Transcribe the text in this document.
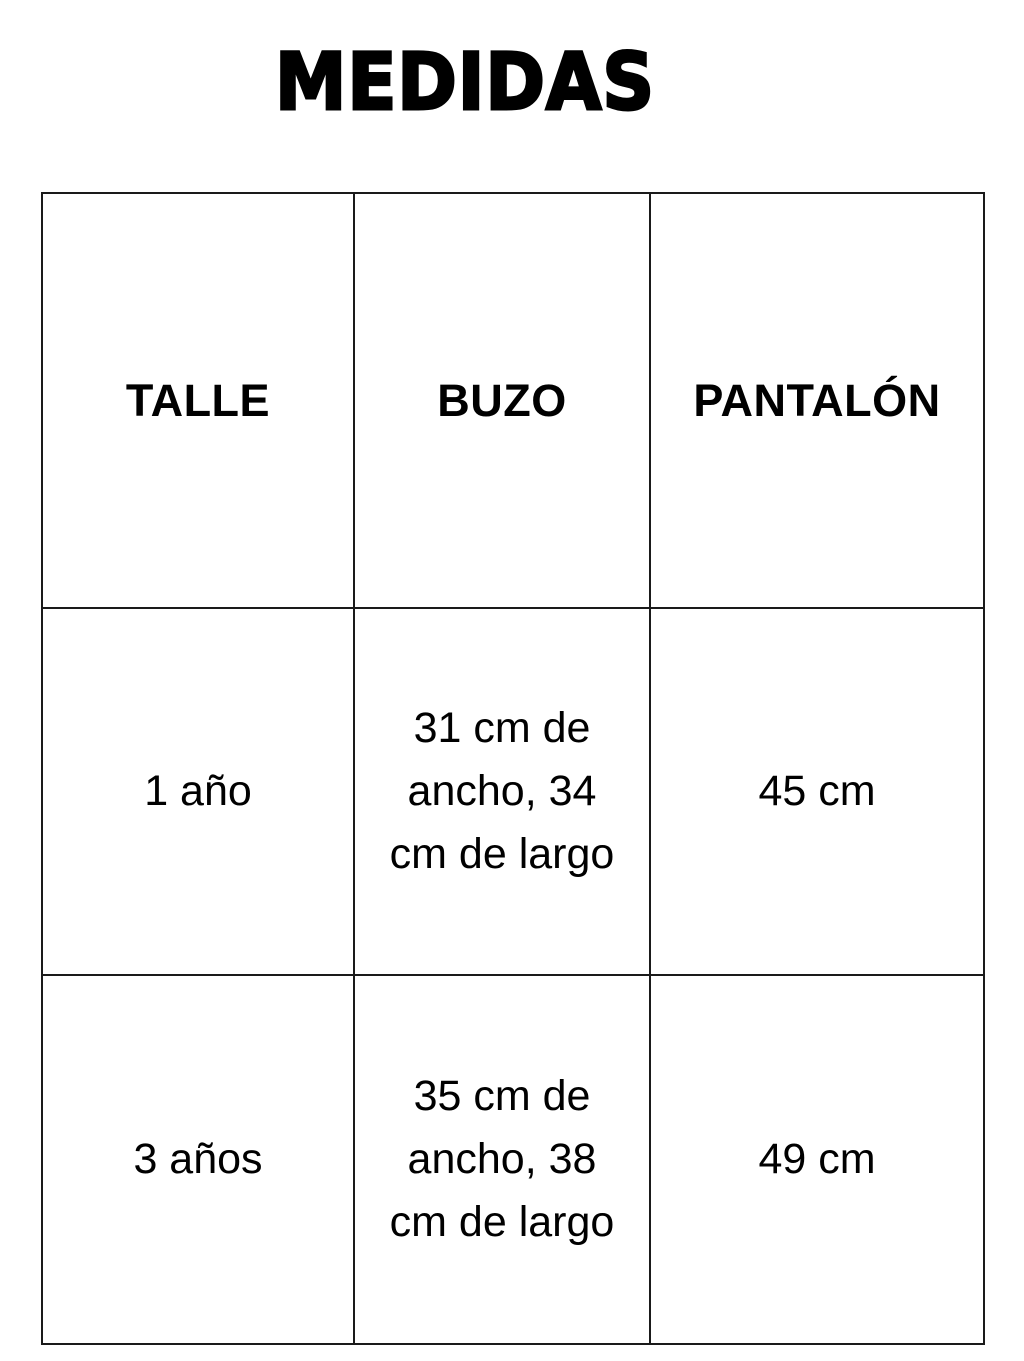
MEDIDAS
TALLE	BUZO	PANTALÓN
1 año	31 cm de ancho, 34 cm de largo	45 cm
3 años	35 cm de ancho, 38 cm de largo	49 cm
